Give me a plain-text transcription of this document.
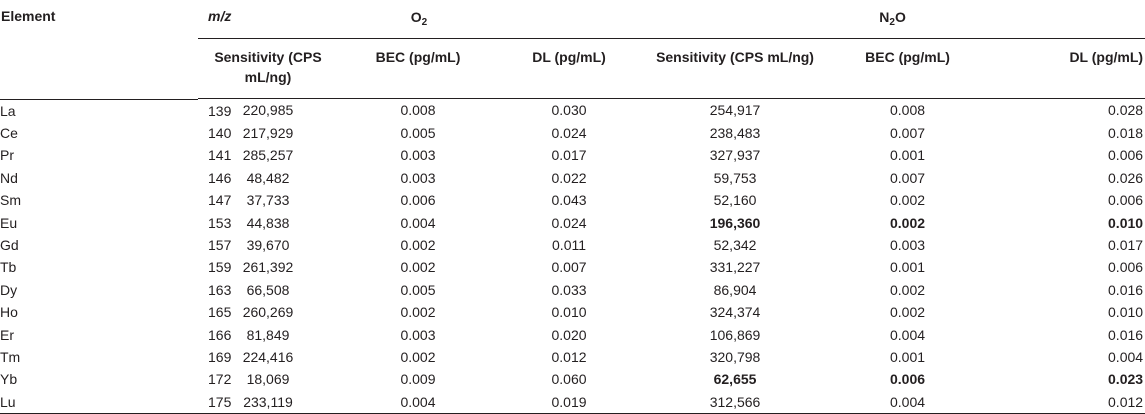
Element	m/z	$O_2$			$N_2O$		
		Sensitivity (CPS mL/ng)	BEC (pg/mL)	DL (pg/mL)	Sensitivity (CPS mL/ng)	BEC (pg/mL)	DL (pg/mL)

La	139	220,985	0.008	0.030	254,917	0.008	0.028
Ce	140	217,929	0.005	0.024	238,483	0.007	0.018
Pr	141	285,257	0.003	0.017	327,937	0.001	0.006
Nd	146	48,482	0.003	0.022	59,753	0.007	0.026
Sm	147	37,733	0.006	0.043	52,160	0.002	0.006
Eu	153	44,838	0.004	0.024	196,360	0.002	0.010
Gd	157	39,670	0.002	0.011	52,342	0.003	0.017
Tb	159	261,392	0.002	0.007	331,227	0.001	0.006
Dy	163	66,508	0.005	0.033	86,904	0.002	0.016
Ho	165	260,269	0.002	0.010	324,374	0.002	0.010
Er	166	81,849	0.003	0.020	106,869	0.004	0.016
Tm	169	224,416	0.002	0.012	320,798	0.001	0.004
Yb	172	18,069	0.009	0.060	62,655	0.006	0.023
Lu	175	233,119	0.004	0.019	312,566	0.004	0.012
